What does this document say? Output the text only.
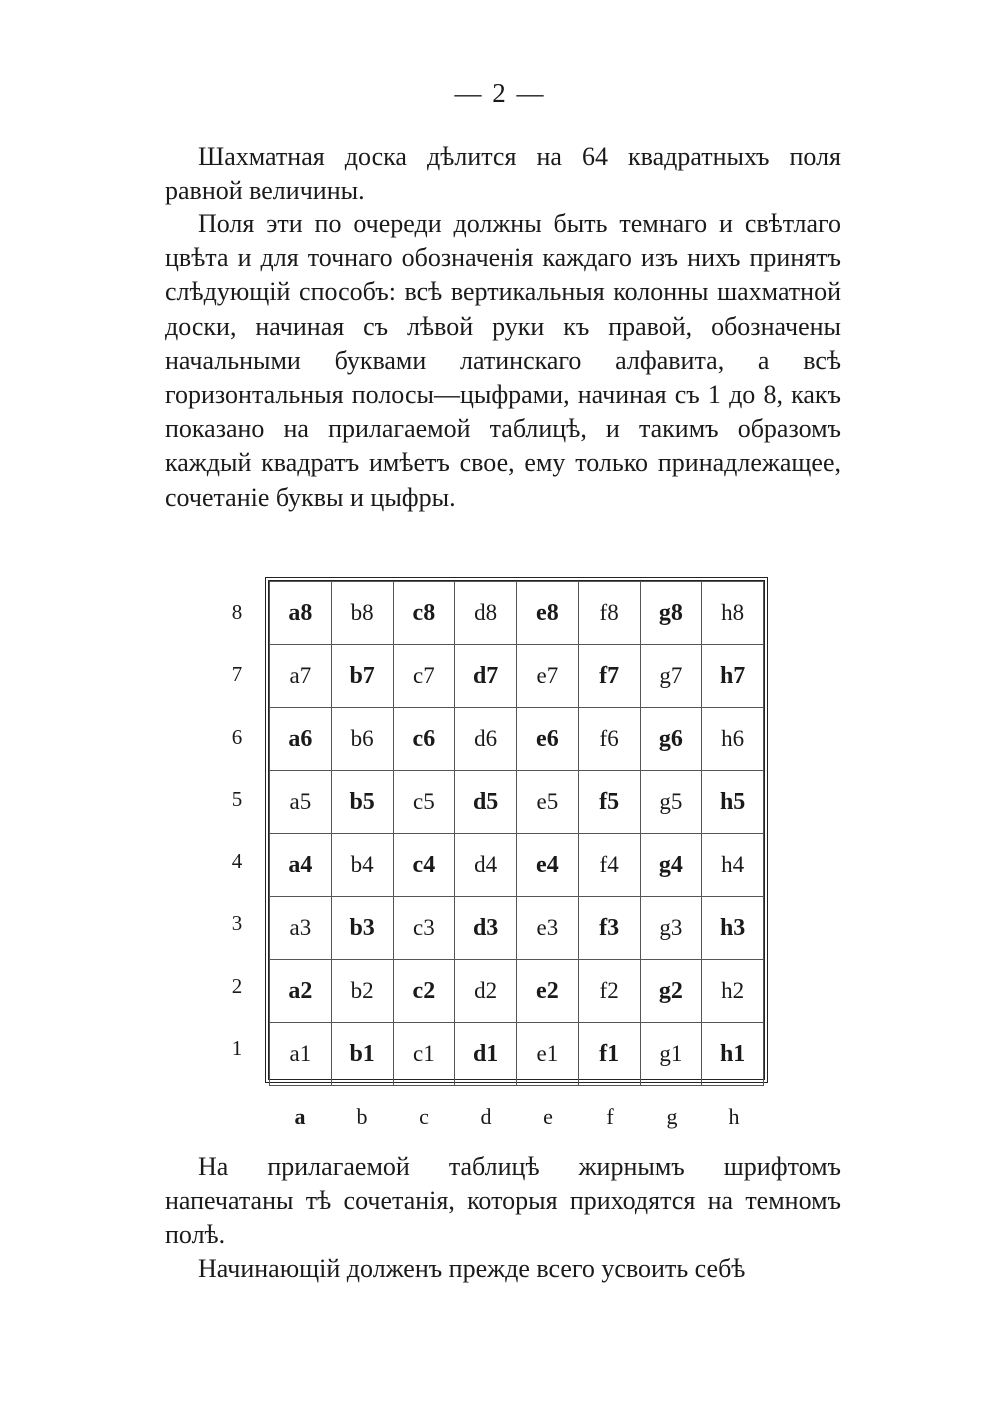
— 2 —

Шахматная доска дѣлится на 64 квадратныхъ поля равной величины.

Поля эти по очереди должны быть темнаго и свѣтлаго цвѣта и для точнаго обозначенія каждаго изъ нихъ принятъ слѣдующій способъ: всѣ вертикальныя колонны шахматной доски, начиная съ лѣвой руки къ правой, обозначены начальными буквами латинскаго алфавита, а всѣ горизонтальныя полосы—цыфрами, начиная съ 1 до 8, какъ показано на прилагаемой таблицѣ, и такимъ образомъ каждый квадратъ имѣетъ свое, ему только принадлежащее, сочетаніе буквы и цыфры.

8
7
6
5
4
3
2
1
a8	b8	c8	d8	e8	f8	g8	h8
a7	b7	c7	d7	e7	f7	g7	h7
a6	b6	c6	d6	e6	f6	g6	h6
a5	b5	c5	d5	e5	f5	g5	h5
a4	b4	c4	d4	e4	f4	g4	h4
a3	b3	c3	d3	e3	f3	g3	h3
a2	b2	c2	d2	e2	f2	g2	h2
a1	b1	c1	d1	e1	f1	g1	h1
a	b	c	d	e	f	g	h

На прилагаемой таблицѣ жирнымъ шрифтомъ напечатаны тѣ сочетанія, которыя приходятся на темномъ полѣ.

Начинающій долженъ прежде всего усвоить себѣ
